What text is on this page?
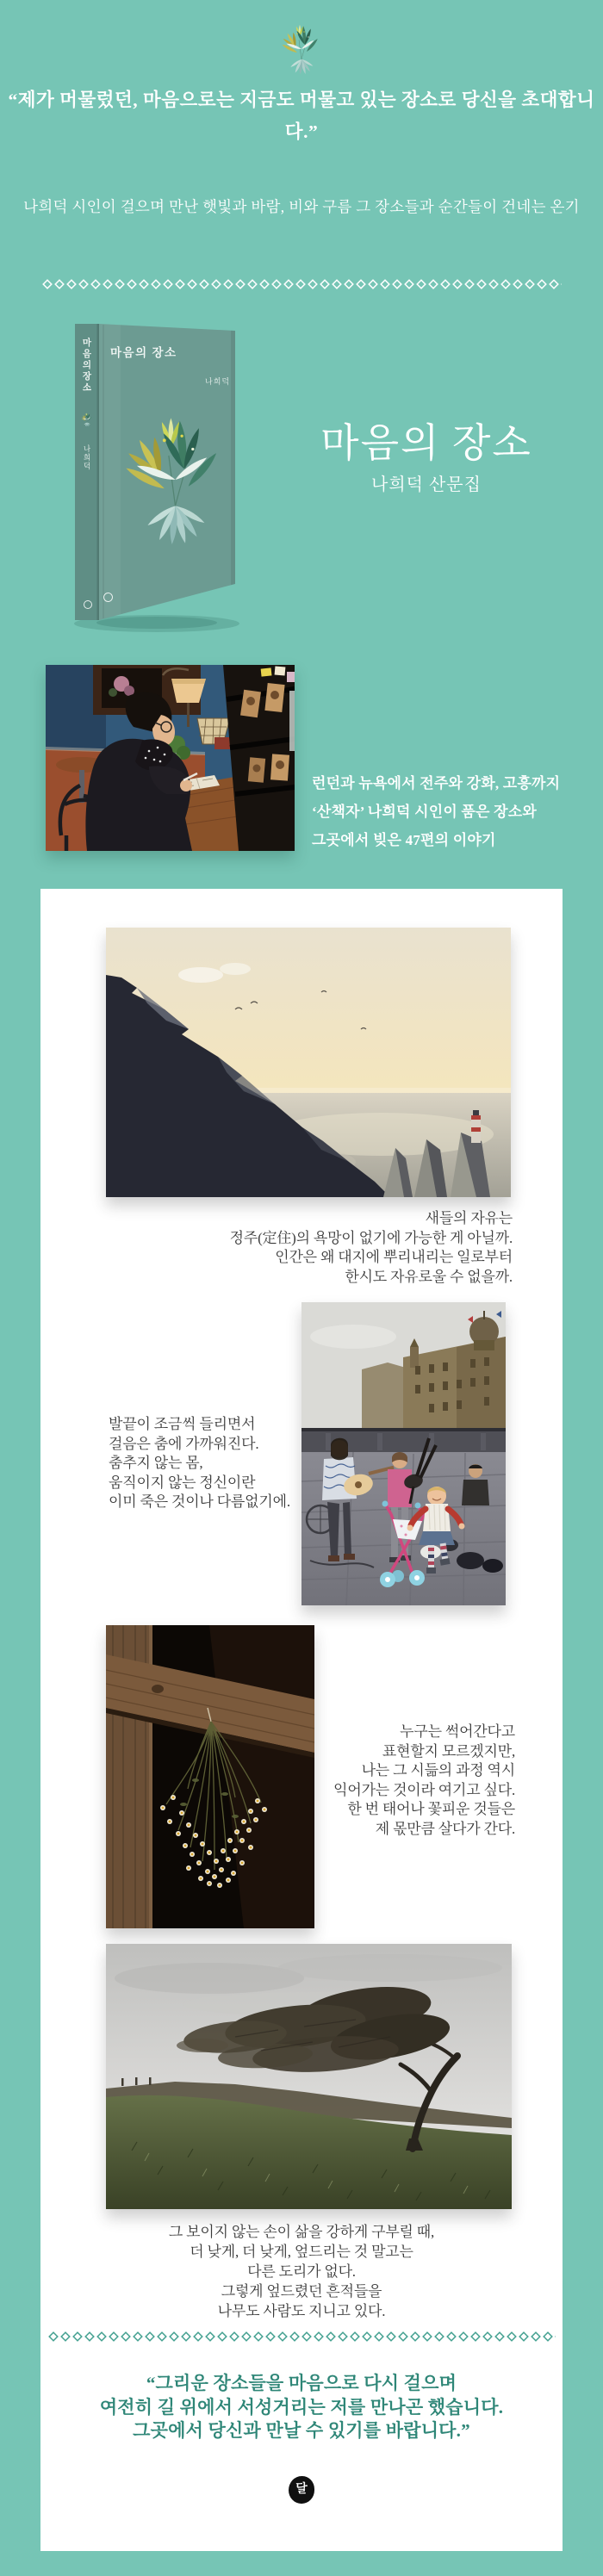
“제가 머물렀던, 마음으로는 지금도 머물고 있는 장소로 당신을 초대합니다.”
나희덕 시인이 걸으며 만난 햇빛과 바람, 비와 구름 그 장소들과 순간들이 건네는 온기
마음의 장소
나희덕
마
음
의
장
소
나
희
덕
마음의 장소
나희덕 산문집
런던과 뉴욕에서 전주와 강화, 고흥까지
‘산책자’ 나희덕 시인이 품은 장소와
그곳에서 빚은 47편의 이야기
새들의 자유는
정주(定住)의 욕망이 없기에 가능한 게 아닐까.
인간은 왜 대지에 뿌리내리는 일로부터
한시도 자유로울 수 없을까.
발끝이 조금씩 들리면서
걸음은 춤에 가까워진다.
춤추지 않는 몸,
움직이지 않는 정신이란
이미 죽은 것이나 다름없기에.
누구는 썩어간다고
표현할지 모르겠지만,
나는 그 시듦의 과정 역시
익어가는 것이라 여기고 싶다.
한 번 태어나 꽃피운 것들은
제 몫만큼 살다가 간다.
그 보이지 않는 손이 삶을 강하게 구부릴 때,
더 낮게, 더 낮게, 엎드리는 것 말고는
다른 도리가 없다.
그렇게 엎드렸던 흔적들을
나무도 사람도 지니고 있다.
“그리운 장소들을 마음으로 다시 걸으며
여전히 길 위에서 서성거리는 저를 만나곤 했습니다.
그곳에서 당신과 만날 수 있기를 바랍니다.”
달
